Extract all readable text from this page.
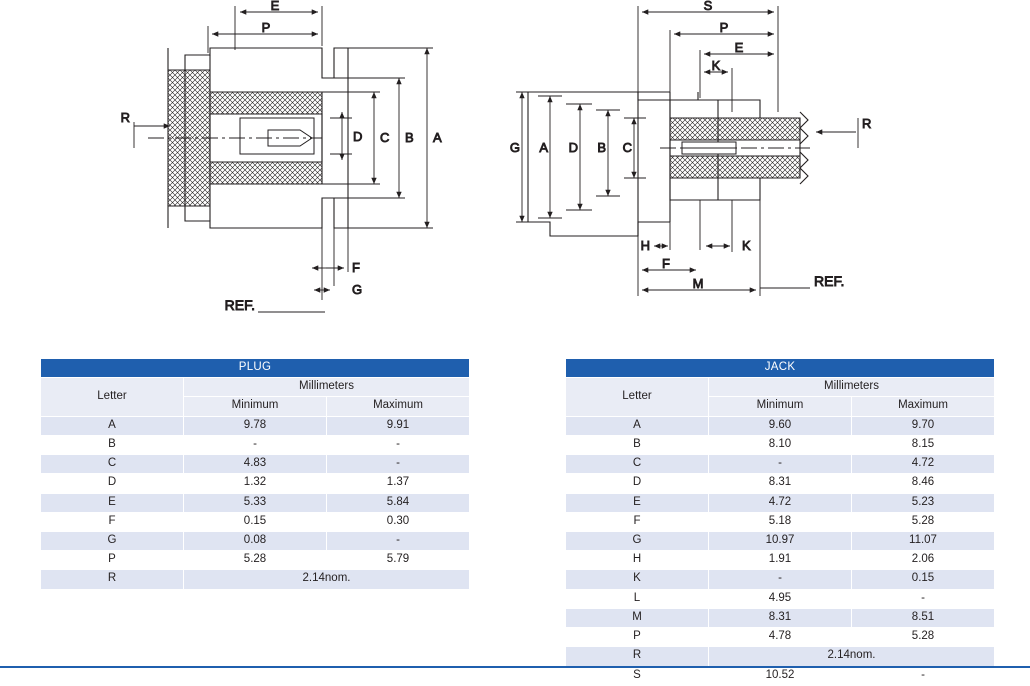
E
P
R
D C B A
F
G
REF.
S
P
E
K
G A D B C
R
H	K
F
M	REF.
PLUG		
Letter	Millimeters	
	Minimum	Maximum
A	9.78	9.91
B	-	-
C	4.83	-
D	1.32	1.37
E	5.33	5.84
F	0.15	0.30
G	0.08	-
P	5.28	5.79
R	2.14nom.	
JACK		
Letter	Millimeters	
	Minimum	Maximum
A	9.60	9.70
B	8.10	8.15
C	-	4.72
D	8.31	8.46
E	4.72	5.23
F	5.18	5.28
G	10.97	11.07
H	1.91	2.06
K	-	0.15
L	4.95	-
M	8.31	8.51
P	4.78	5.28
R	2.14nom.	
S	10.52	-
